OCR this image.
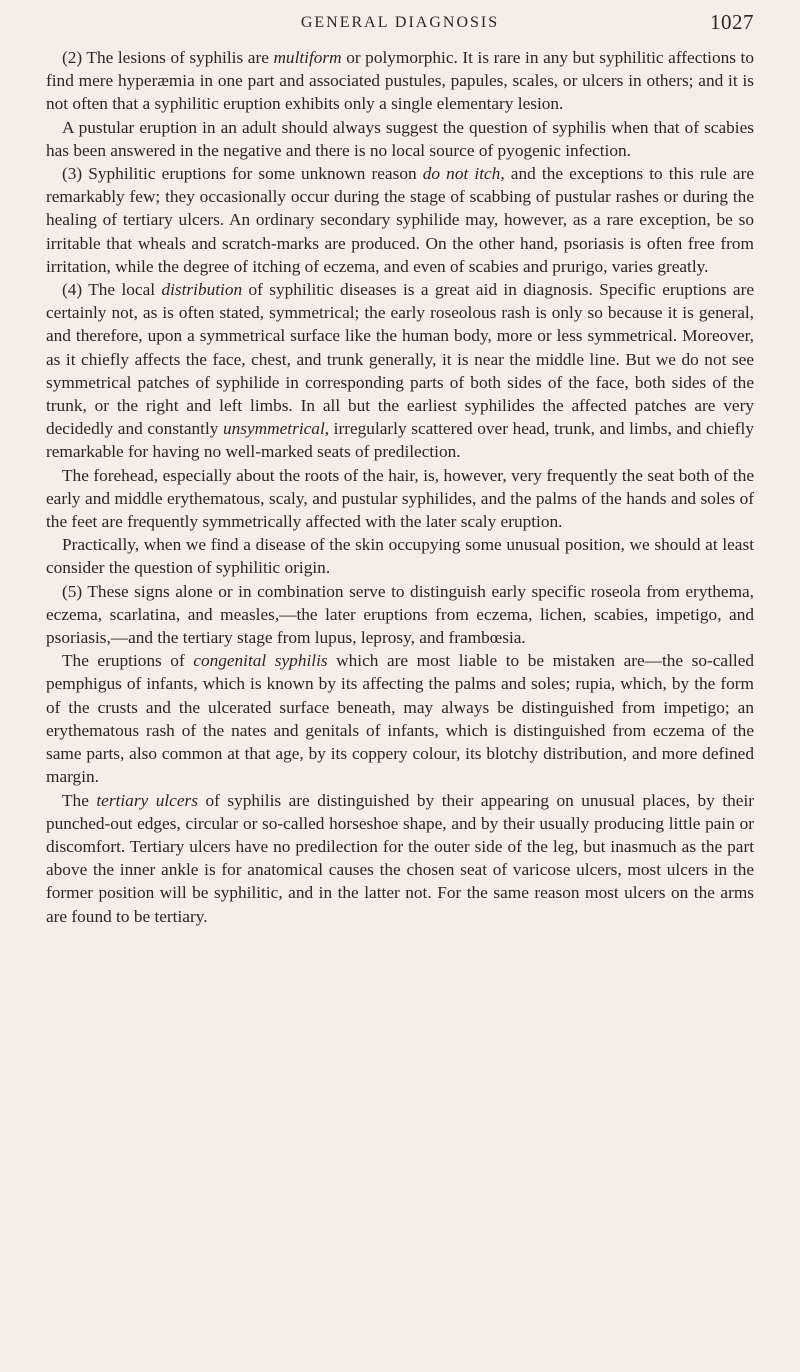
GENERAL DIAGNOSIS	1027

(2) The lesions of syphilis are multiform or polymorphic. It is rare in any but syphilitic affections to find mere hyperæmia in one part and associated pustules, papules, scales, or ulcers in others; and it is not often that a syphilitic eruption exhibits only a single elementary lesion.

A pustular eruption in an adult should always suggest the question of syphilis when that of scabies has been answered in the negative and there is no local source of pyogenic infection.

(3) Syphilitic eruptions for some unknown reason do not itch, and the exceptions to this rule are remarkably few; they occasionally occur during the stage of scabbing of pustular rashes or during the healing of tertiary ulcers. An ordinary secondary syphilide may, however, as a rare exception, be so irritable that wheals and scratch-marks are produced. On the other hand, psoriasis is often free from irritation, while the degree of itching of eczema, and even of scabies and prurigo, varies greatly.

(4) The local distribution of syphilitic diseases is a great aid in diagnosis. Specific eruptions are certainly not, as is often stated, symmetrical; the early roseolous rash is only so because it is general, and therefore, upon a symmetrical surface like the human body, more or less symmetrical. Moreover, as it chiefly affects the face, chest, and trunk generally, it is near the middle line. But we do not see symmetrical patches of syphilide in corresponding parts of both sides of the face, both sides of the trunk, or the right and left limbs. In all but the earliest syphilides the affected patches are very decidedly and constantly unsymmetrical, irregularly scattered over head, trunk, and limbs, and chiefly remarkable for having no well-marked seats of predilection.

The forehead, especially about the roots of the hair, is, however, very frequently the seat both of the early and middle erythematous, scaly, and pustular syphilides, and the palms of the hands and soles of the feet are frequently symmetrically affected with the later scaly eruption.

Practically, when we find a disease of the skin occupying some unusual position, we should at least consider the question of syphilitic origin.

(5) These signs alone or in combination serve to distinguish early specific roseola from erythema, eczema, scarlatina, and measles,—the later eruptions from eczema, lichen, scabies, impetigo, and psoriasis,—and the tertiary stage from lupus, leprosy, and frambœsia.

The eruptions of congenital syphilis which are most liable to be mistaken are—the so-called pemphigus of infants, which is known by its affecting the palms and soles; rupia, which, by the form of the crusts and the ulcerated surface beneath, may always be distinguished from impetigo; an erythematous rash of the nates and genitals of infants, which is distinguished from eczema of the same parts, also common at that age, by its coppery colour, its blotchy distribution, and more defined margin.

The tertiary ulcers of syphilis are distinguished by their appearing on unusual places, by their punched-out edges, circular or so-called horseshoe shape, and by their usually producing little pain or discomfort. Tertiary ulcers have no predilection for the outer side of the leg, but inasmuch as the part above the inner ankle is for anatomical causes the chosen seat of varicose ulcers, most ulcers in the former position will be syphilitic, and in the latter not. For the same reason most ulcers on the arms are found to be tertiary.
